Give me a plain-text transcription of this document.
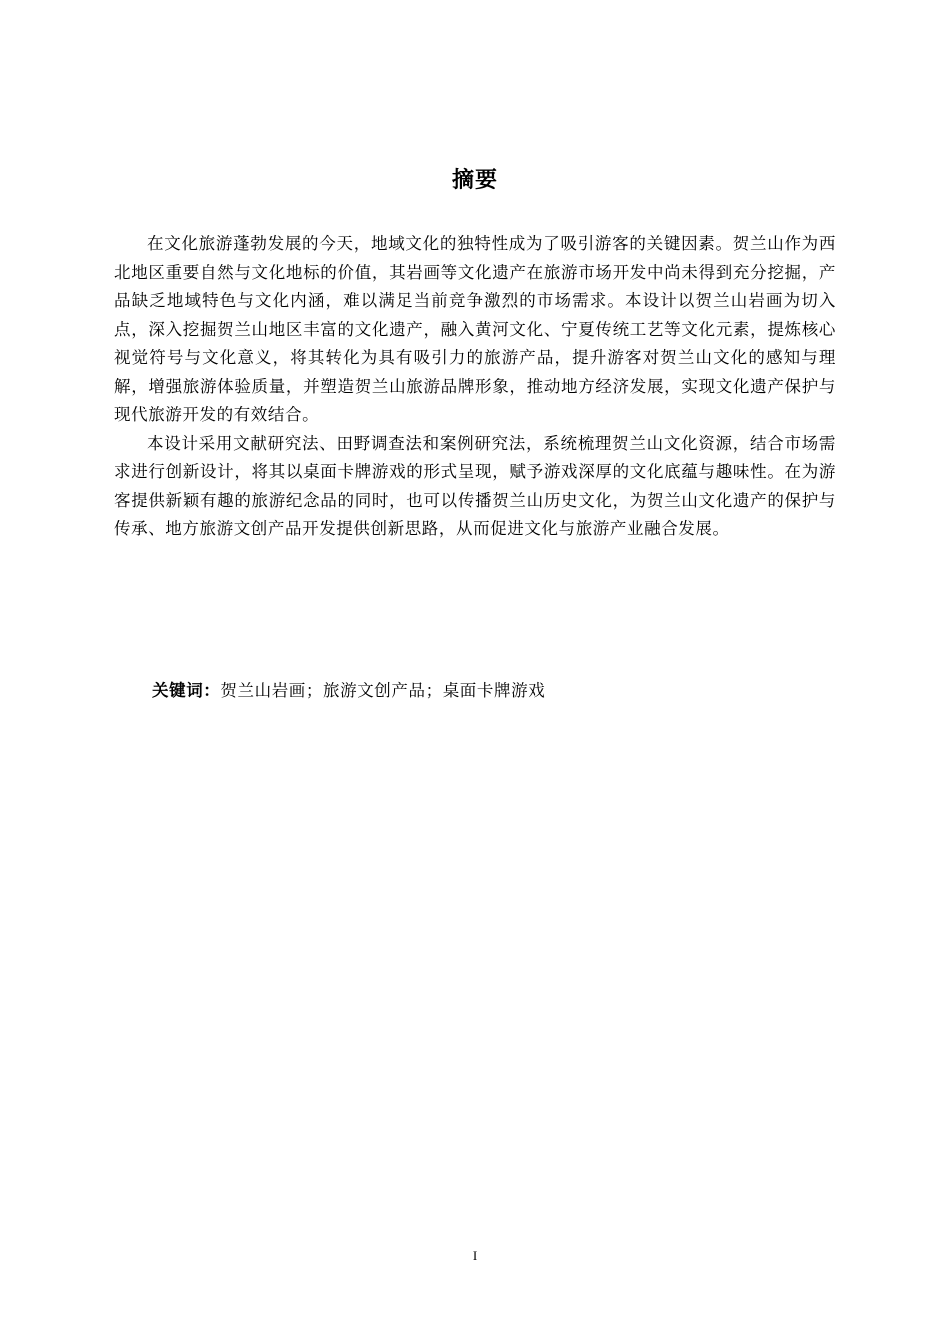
摘要

在文化旅游蓬勃发展的今天，地域文化的独特性成为了吸引游客的关键因素。贺兰山作为西北地区重要自然与文化地标的价值，其岩画等文化遗产在旅游市场开发中尚未得到充分挖掘，产品缺乏地域特色与文化内涵，难以满足当前竞争激烈的市场需求。本设计以贺兰山岩画为切入点，深入挖掘贺兰山地区丰富的文化遗产，融入黄河文化、宁夏传统工艺等文化元素，提炼核心视觉符号与文化意义，将其转化为具有吸引力的旅游产品，提升游客对贺兰山文化的感知与理解，增强旅游体验质量，并塑造贺兰山旅游品牌形象，推动地方经济发展，实现文化遗产保护与现代旅游开发的有效结合。

本设计采用文献研究法、田野调查法和案例研究法，系统梳理贺兰山文化资源，结合市场需求进行创新设计，将其以桌面卡牌游戏的形式呈现，赋予游戏深厚的文化底蕴与趣味性。在为游客提供新颖有趣的旅游纪念品的同时，也可以传播贺兰山历史文化，为贺兰山文化遗产的保护与传承、地方旅游文创产品开发提供创新思路，从而促进文化与旅游产业融合发展。

关键词：贺兰山岩画；旅游文创产品；桌面卡牌游戏
I
